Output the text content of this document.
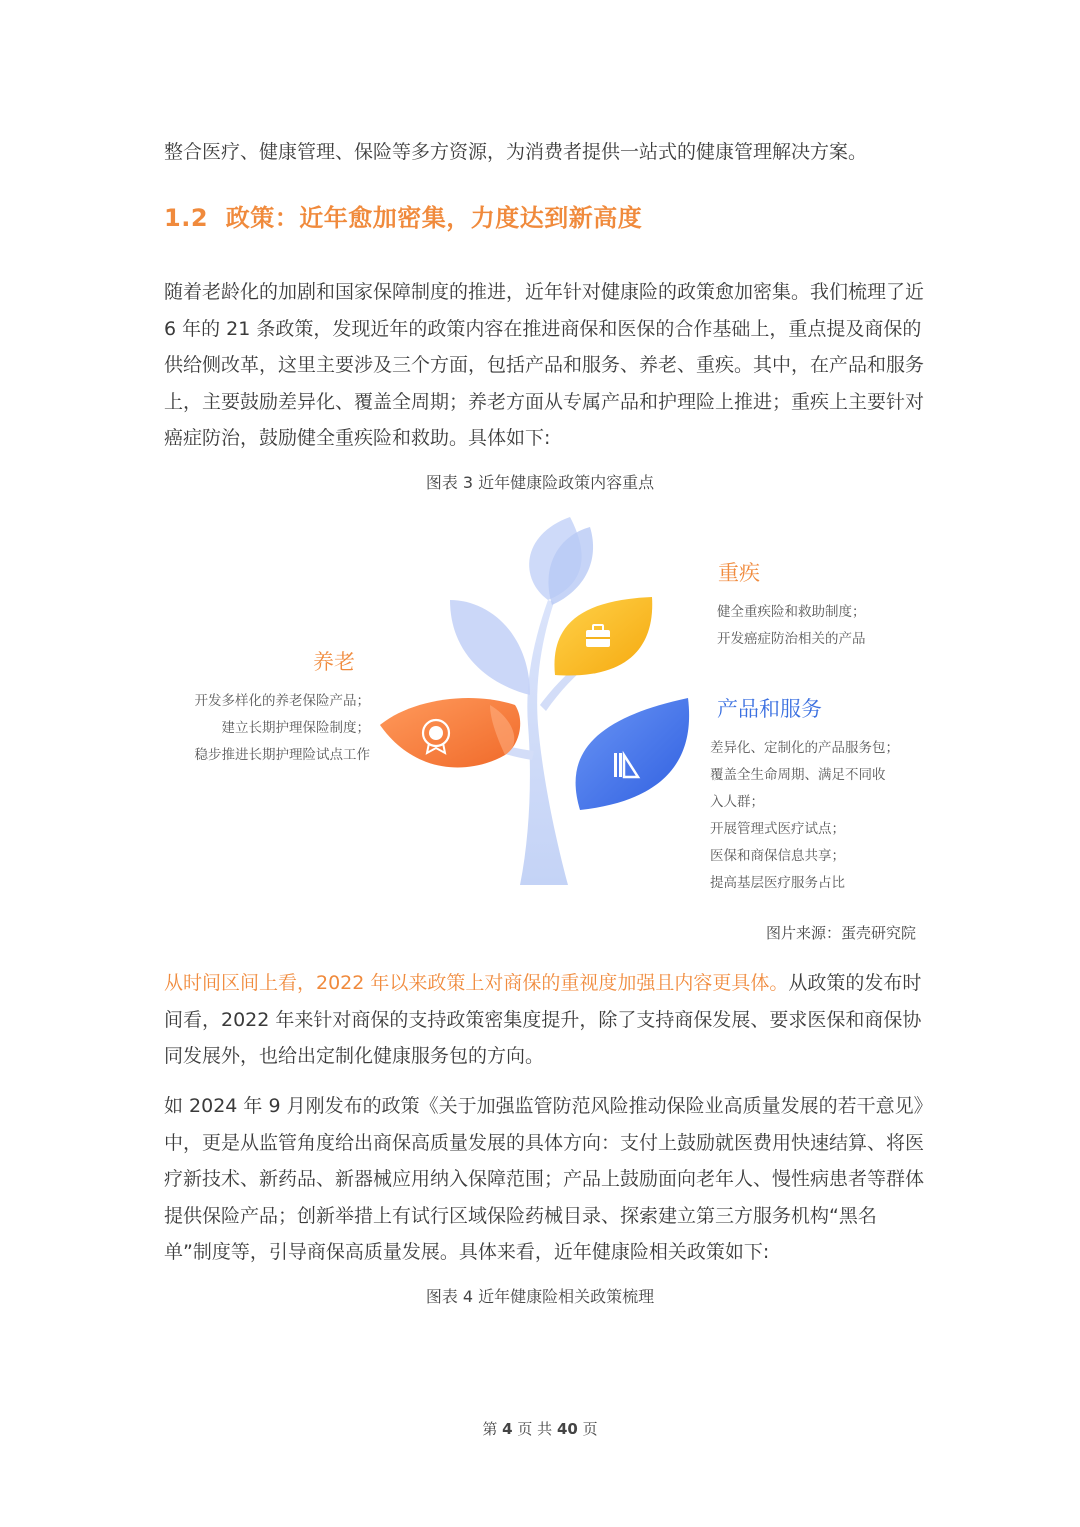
整合医疗、健康管理、保险等多方资源，为消费者提供一站式的健康管理解决方案。

1.2 政策：近年愈加密集，力度达到新高度

随着老龄化的加剧和国家保障制度的推进，近年针对健康险的政策愈加密集。我们梳理了近 6 年的 21 条政策，发现近年的政策内容在推进商保和医保的合作基础上，重点提及商保的供给侧改革，这里主要涉及三个方面，包括产品和服务、养老、重疾。其中，在产品和服务上，主要鼓励差异化、覆盖全周期；养老方面从专属产品和护理险上推进；重疾上主要针对癌症防治，鼓励健全重疾险和救助。具体如下:

图表 3 近年健康险政策内容重点
养老
开发多样化的养老保险产品；
建立长期护理保险制度；
稳步推进长期护理险试点工作
重疾
健全重疾险和救助制度；
开发癌症防治相关的产品
产品和服务
差异化、定制化的产品服务包；
覆盖全生命周期、满足不同收
入人群；
开展管理式医疗试点；
医保和商保信息共享；
提高基层医疗服务占比
图片来源：蛋壳研究院

从时间区间上看，2022 年以来政策上对商保的重视度加强且内容更具体。从政策的发布时间看，2022 年来针对商保的支持政策密集度提升，除了支持商保发展、要求医保和商保协同发展外，也给出定制化健康服务包的方向。

如 2024 年 9 月刚发布的政策《关于加强监管防范风险推动保险业高质量发展的若干意见》中，更是从监管角度给出商保高质量发展的具体方向：支付上鼓励就医费用快速结算、将医疗新技术、新药品、新器械应用纳入保障范围；产品上鼓励面向老年人、慢性病患者等群体提供保险产品；创新举措上有试行区域保险药械目录、探索建立第三方服务机构“黑名单”制度等，引导商保高质量发展。具体来看，近年健康险相关政策如下:

图表 4 近年健康险相关政策梳理
第 4 页 共 40 页
